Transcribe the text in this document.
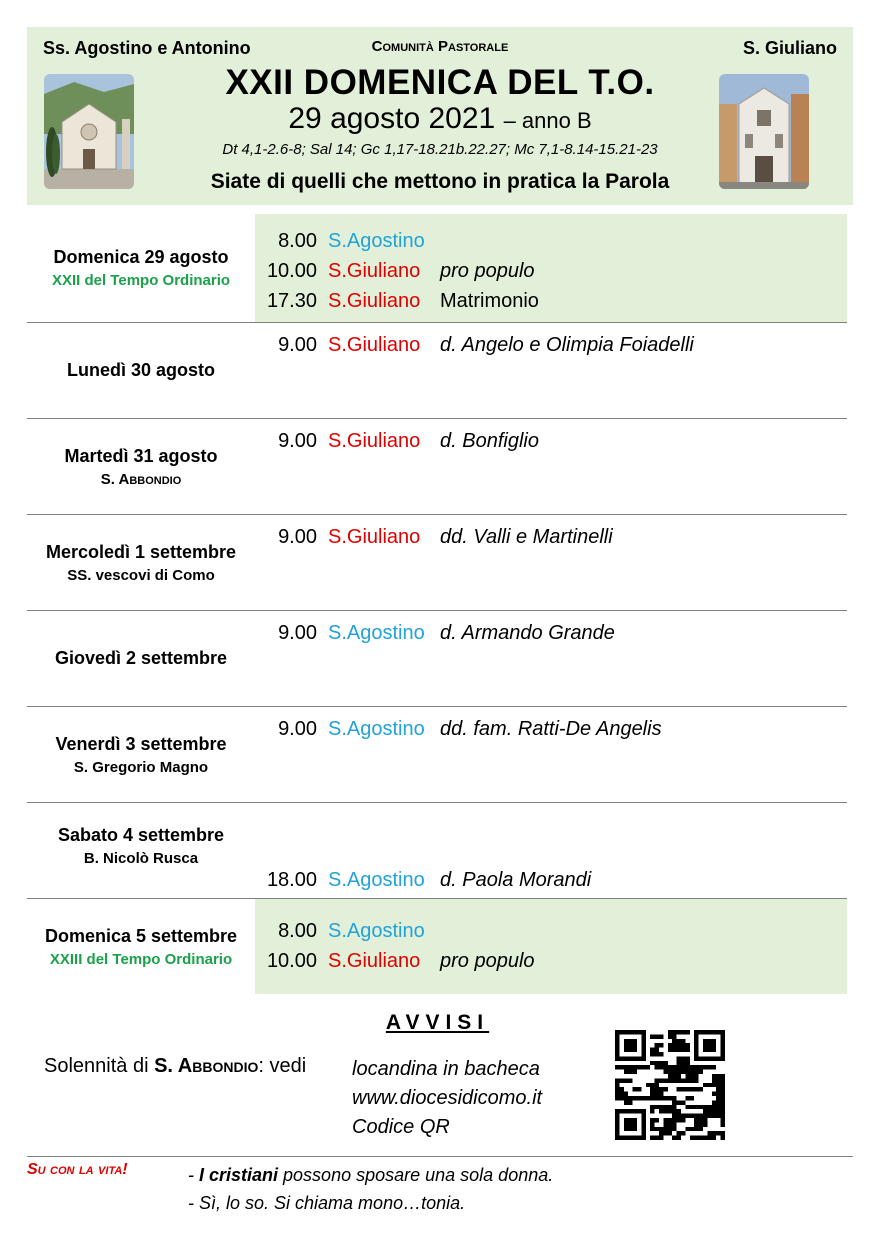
Ss. Agostino e Antonino	Comunità Pastorale	S. Giuliano
XXII DOMENICA DEL T.O.
29 agosto 2021 – anno B
Dt 4,1-2.6-8; Sal 14; Gc 1,17-18.21b.22.27; Mc 7,1-8.14-15.21-23
Siate di quelli che mettono in pratica la Parola
Domenica 29 agosto
XXII del Tempo Ordinario
8.00 S.Agostino
10.00 S.Giuliano pro populo
17.30 S.Giuliano Matrimonio
Lunedì 30 agosto
9.00 S.Giuliano d. Angelo e Olimpia Foiadelli
Martedì 31 agosto
S. Abbondio
9.00 S.Giuliano d. Bonfiglio
Mercoledì 1 settembre
SS. vescovi di Como
9.00 S.Giuliano dd. Valli e Martinelli
Giovedì 2 settembre
9.00 S.Agostino d. Armando Grande
Venerdì 3 settembre
S. Gregorio Magno
9.00 S.Agostino dd. fam. Ratti-De Angelis
Sabato 4 settembre
B. Nicolò Rusca
18.00 S.Agostino d. Paola Morandi
Domenica 5 settembre
XXIII del Tempo Ordinario
8.00 S.Agostino
10.00 S.Giuliano pro populo
AVVISI
Solennità di S. Abbondio: vedi locandina in bacheca
www.diocesidicomo.it
Codice QR
Su con la vita!	- I cristiani possono sposare una sola donna.
- Sì, lo so. Si chiama mono…tonia.
